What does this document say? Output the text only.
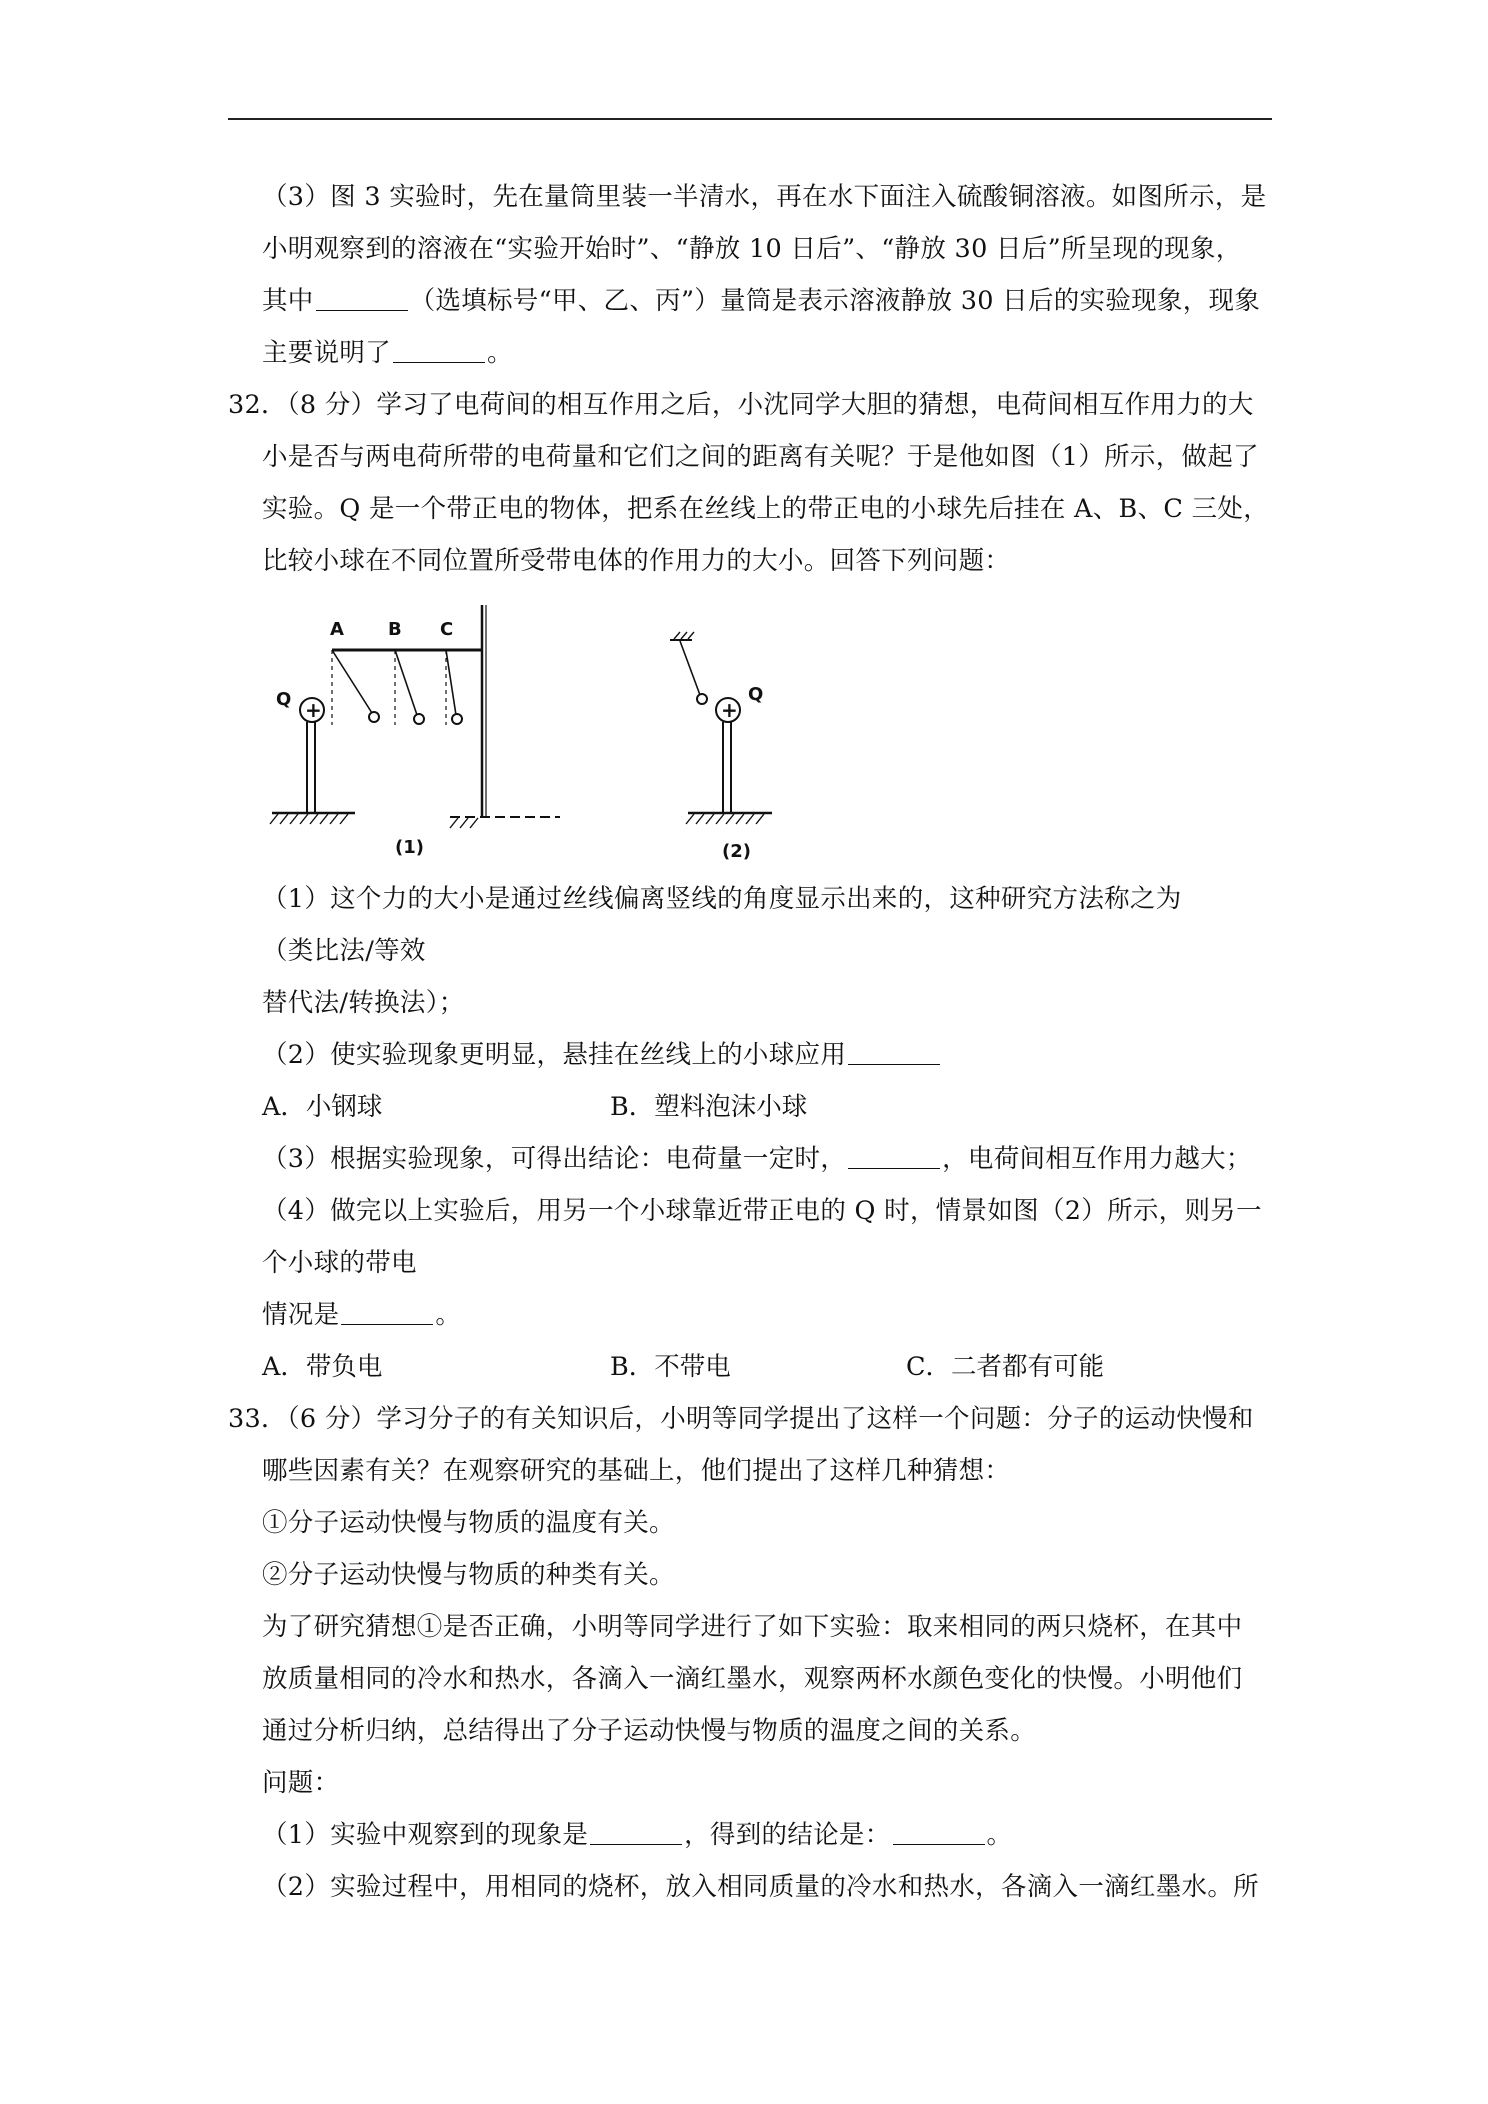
（3）图 3 实验时，先在量筒里装一半清水，再在水下面注入硫酸铜溶液。如图所示，是
小明观察到的溶液在“实验开始时”、“静放 10 日后”、“静放 30 日后”所呈现的现象，
其中	（选填标号“甲、乙、丙”）量筒是表示溶液静放 30 日后的实验现象，现象
主要说明了	。
32．（8 分）学习了电荷间的相互作用之后，小沈同学大胆的猜想，电荷间相互作用力的大
小是否与两电荷所带的电荷量和它们之间的距离有关呢？于是他如图（1）所示，做起了
实验。Q 是一个带正电的物体，把系在丝线上的带正电的小球先后挂在 A、B、C 三处，
比较小球在不同位置所受带电体的作用力的大小。回答下列问题：
A B C
Q	Q
+	+
(1)	(2)
（1）这个力的大小是通过丝线偏离竖线的角度显示出来的，这种研究方法称之为
（类比法/等效
替代法/转换法）；
（2）使实验现象更明显，悬挂在丝线上的小球应用
A．小钢球	B．塑料泡沫小球
（3）根据实验现象，可得出结论：电荷量一定时，	，电荷间相互作用力越大；
（4）做完以上实验后，用另一个小球靠近带正电的 Q 时，情景如图（2）所示，则另一
个小球的带电
情况是	。
A．带负电	B．不带电	C．二者都有可能
33．（6 分）学习分子的有关知识后，小明等同学提出了这样一个问题：分子的运动快慢和
哪些因素有关？在观察研究的基础上，他们提出了这样几种猜想：
①分子运动快慢与物质的温度有关。
②分子运动快慢与物质的种类有关。
为了研究猜想①是否正确，小明等同学进行了如下实验：取来相同的两只烧杯，在其中
放质量相同的冷水和热水，各滴入一滴红墨水，观察两杯水颜色变化的快慢。小明他们
通过分析归纳，总结得出了分子运动快慢与物质的温度之间的关系。
问题：
（1）实验中观察到的现象是	，得到的结论是：	。
（2）实验过程中，用相同的烧杯，放入相同质量的冷水和热水，各滴入一滴红墨水。所
